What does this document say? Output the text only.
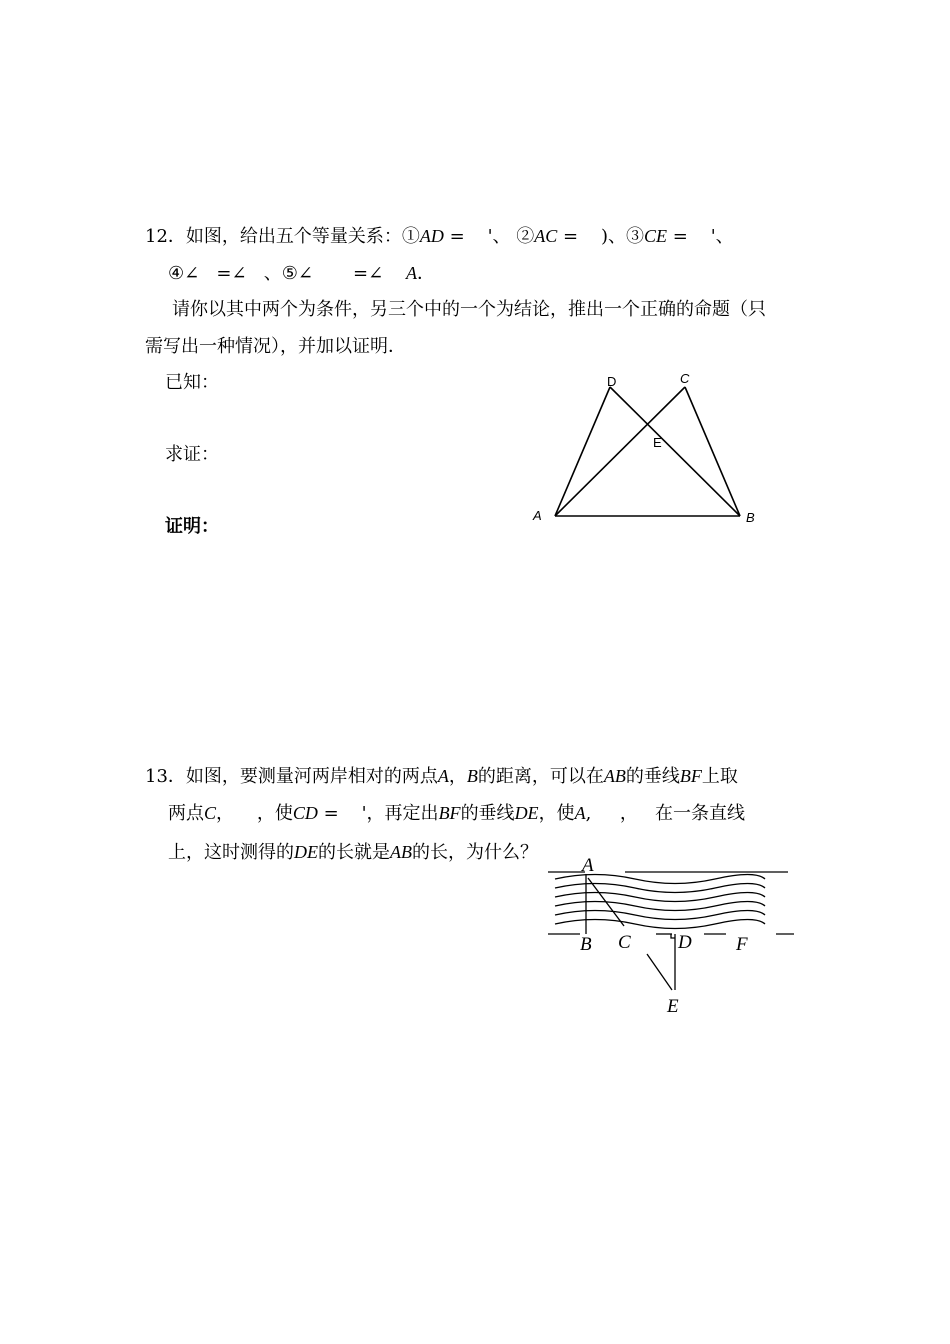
12．如图，给出五个等量关系：①AD =    '、 ②AC =    )、③CE =    '、
④∠   =∠   、⑤∠       =∠    A．
请你以其中两个为条件，另三个中的一个为结论，推出一个正确的命题（只
需写出一种情况），并加以证明．
已知：
求证：
证明：
A	B
C
D
E
13．如图，要测量河两岸相对的两点A，B的距离，可以在AB的垂线BF上取
两点C，    ，使CD =    '，再定出BF的垂线DE，使A,     ，   在一条直线
上，这时测得的DE的长就是AB的长，为什么？
A
B C D F
E
